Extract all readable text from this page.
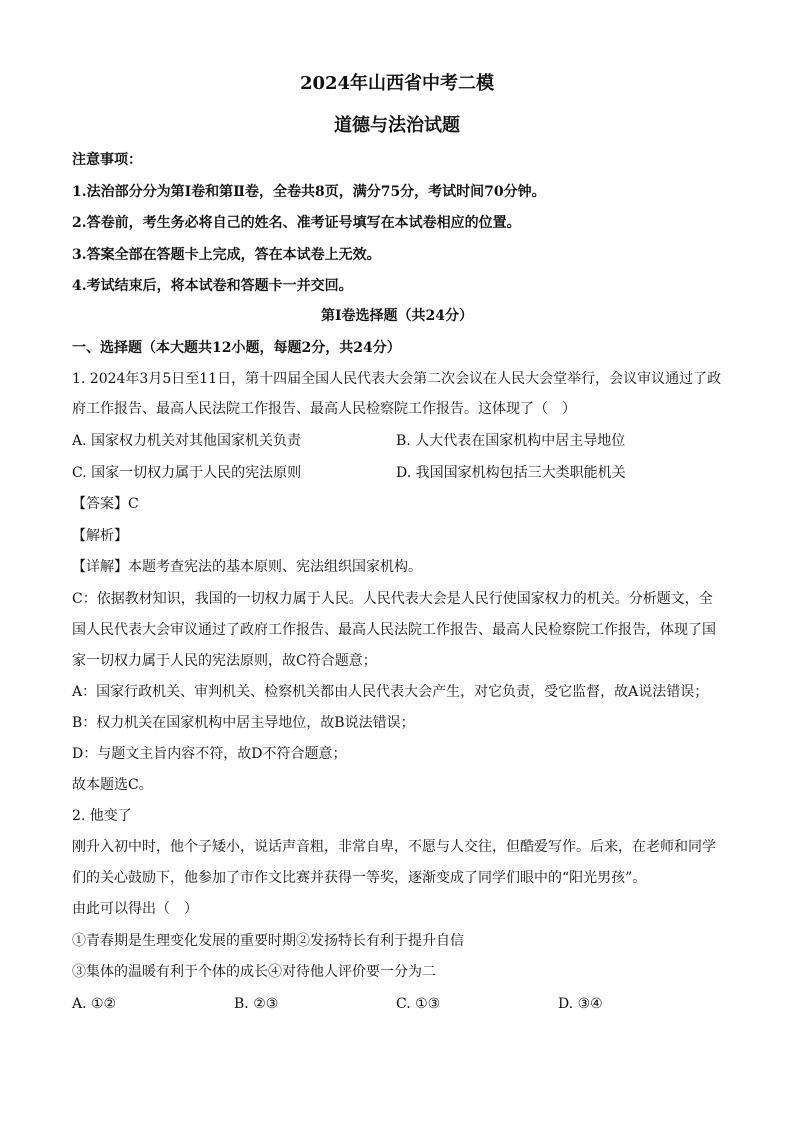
2024年山西省中考二模
道德与法治试题
注意事项：
1.法治部分分为第Ⅰ卷和第Ⅱ卷，全卷共8页，满分75分，考试时间70分钟。
2.答卷前，考生务必将自己的姓名、准考证号填写在本试卷相应的位置。
3.答案全部在答题卡上完成，答在本试卷上无效。
4.考试结束后，将本试卷和答题卡一并交回。
第Ⅰ卷选择题（共24分）
一、选择题（本大题共12小题，每题2分，共24分）
1. 2024年3月5日至11日，第十四届全国人民代表大会第二次会议在人民大会堂举行，会议审议通过了政
府工作报告、最高人民法院工作报告、最高人民检察院工作报告。这体现了（　）
A. 国家权力机关对其他国家机关负责	B. 人大代表在国家机构中居主导地位
C. 国家一切权力属于人民的宪法原则	D. 我国国家机构包括三大类职能机关
【答案】C
【解析】
【详解】本题考查宪法的基本原则、宪法组织国家机构。
C：依据教材知识，我国的一切权力属于人民。人民代表大会是人民行使国家权力的机关。分析题文，全
国人民代表大会审议通过了政府工作报告、最高人民法院工作报告、最高人民检察院工作报告，体现了国
家一切权力属于人民的宪法原则，故C符合题意；
A：国家行政机关、审判机关、检察机关都由人民代表大会产生，对它负责，受它监督，故A说法错误；
B：权力机关在国家机构中居主导地位，故B说法错误；
D：与题文主旨内容不符，故D不符合题意；
故本题选C。
2. 他变了
刚升入初中时，他个子矮小，说话声音粗，非常自卑，不愿与人交往，但酷爱写作。后来，在老师和同学
们的关心鼓励下，他参加了市作文比赛并获得一等奖，逐渐变成了同学们眼中的“阳光男孩”。
由此可以得出（　）
①青春期是生理变化发展的重要时期②发扬特长有利于提升自信
③集体的温暖有利于个体的成长④对待他人评价要一分为二
A. ①②	B. ②③	C. ①③	D. ③④
